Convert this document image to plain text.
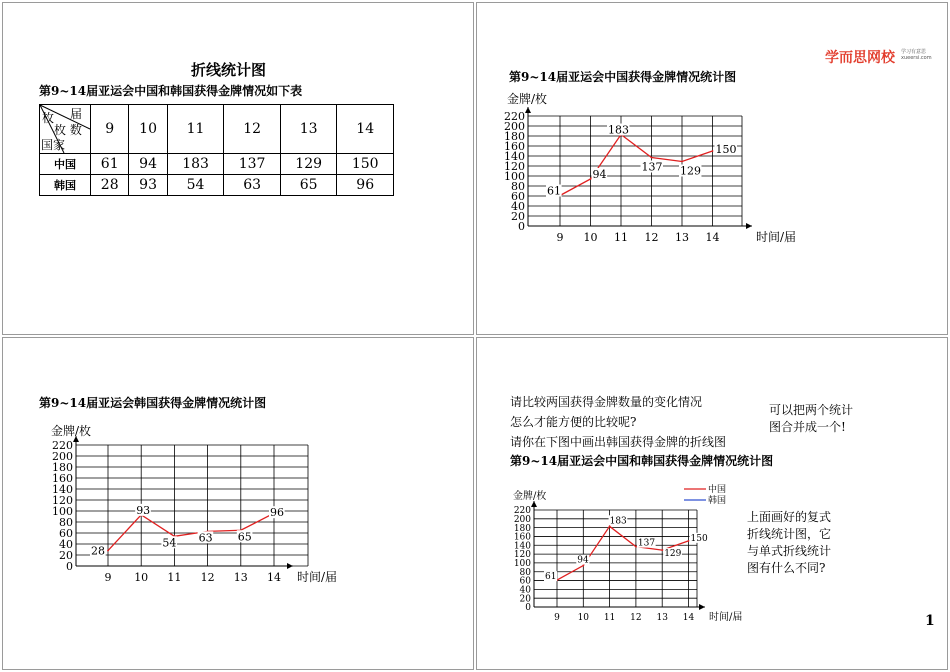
折线统计图
第9~14届亚运会中国和韩国获得金牌情况如下表
届
枚 数
枚
国家	9	10	11	12	13	14
中国	61	94	183	137	129	150
韩国	28	93	54	63	65	96
学而思网校 学习有意思
xueersi.com
第9~14届亚运会中国获得金牌情况统计图
0
20
40
60
80
100
120
140
160
180
200
220
9 10 11 12 13 14
金牌/枚
时间/届
61
94
183
137 129
150
第9~14届亚运会韩国获得金牌情况统计图
0
20
40
60
80
100
120
140
160
180
200
220
9 10 11 12 13 14
金牌/枚
时间/届
28
93
54 63 65
96
请比较两国获得金牌数量的变化情况
怎么才能方便的比较呢?
请你在下图中画出韩国获得金牌的折线图
第9~14届亚运会中国和韩国获得金牌情况统计图
可以把两个统计
图合并成一个!
上面画好的复式
折线统计图，它
与单式折线统计
图有什么不同?
1
0
20
40
60
80
100
120
140
160
180
200
220
9 10 11 12 13 14
金牌/枚
时间/届
61
94
183
137
129
150
中国
韩国
